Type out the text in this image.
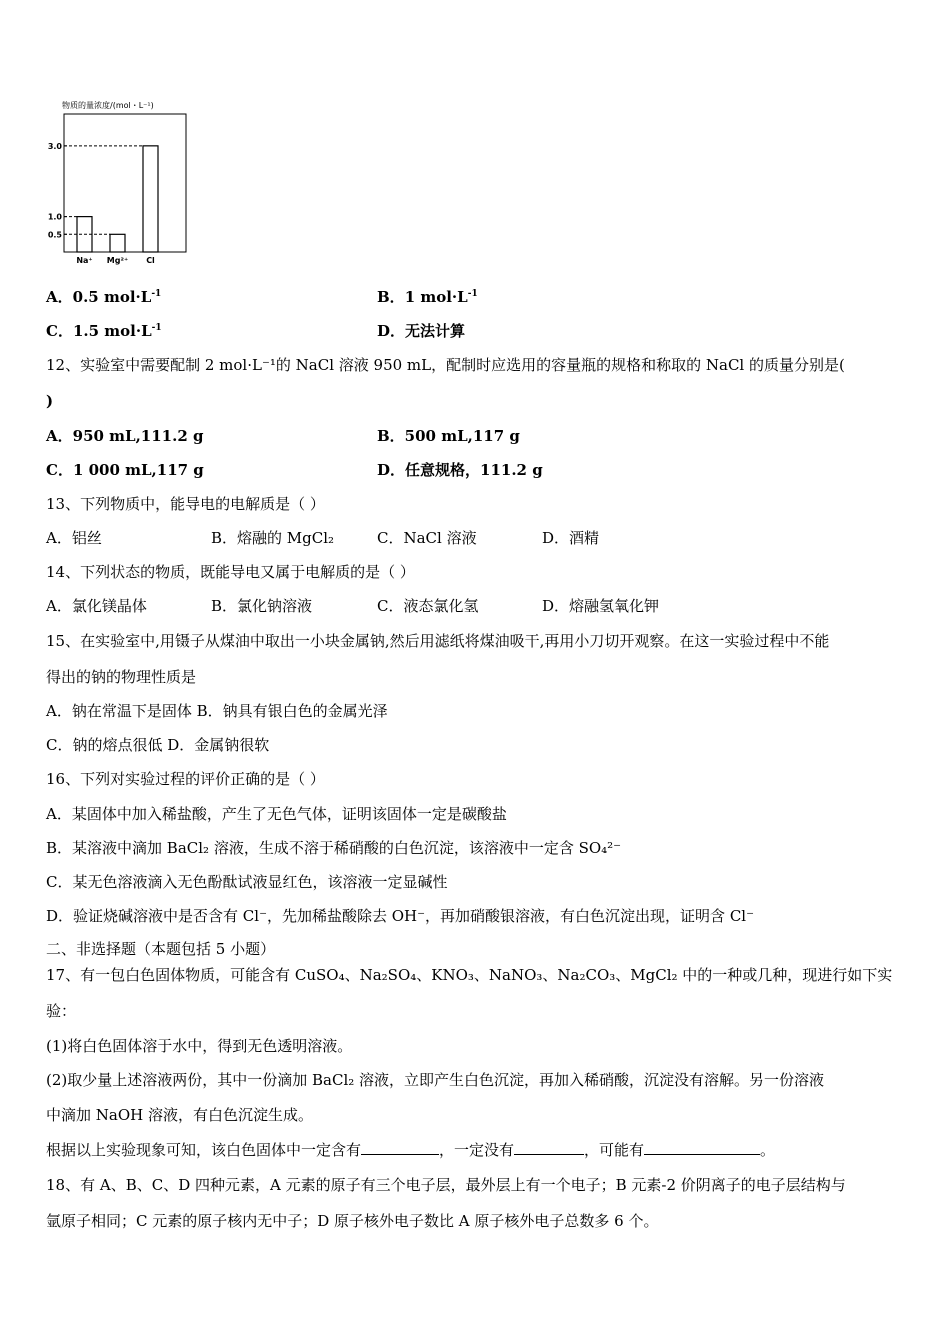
物质的量浓度/(mol・L⁻¹)
Na⁺ Mg²⁺ Cl
3.0
1.0
0.5
A．0.5 $mol\cdot L^{-1}$	B．1 $mol\cdot L^{-1}$
C．1.5 $mol\cdot L^{-1}$	D．无法计算
12、实验室中需要配制 2 mol·L⁻¹的 NaCl 溶液 950 mL，配制时应选用的容量瓶的规格和称取的 NaCl 的质量分别是(
)
A．950 mL,111.2 g	B．500 mL,117 g
C．1 000 mL,117 g	D．任意规格，111.2 g
13、下列物质中，能导电的电解质是（ ）
A．铝丝	B．熔融的 MgCl₂	C．NaCl 溶液	D．酒精
14、下列状态的物质，既能导电又属于电解质的是（ ）
A．氯化镁晶体	B．氯化钠溶液	C．液态氯化氢	D．熔融氢氧化钾
15、在实验室中,用镊子从煤油中取出一小块金属钠,然后用滤纸将煤油吸干,再用小刀切开观察。在这一实验过程中不能
得出的钠的物理性质是
A．钠在常温下是固体 B．钠具有银白色的金属光泽
C．钠的熔点很低 D．金属钠很软
16、下列对实验过程的评价正确的是（ ）
A．某固体中加入稀盐酸，产生了无色气体，证明该固体一定是碳酸盐
B．某溶液中滴加 BaCl₂ 溶液，生成不溶于稀硝酸的白色沉淀，该溶液中一定含 SO₄²⁻
C．某无色溶液滴入无色酚酞试液显红色，该溶液一定显碱性
D．验证烧碱溶液中是否含有 Cl⁻，先加稀盐酸除去 OH⁻，再加硝酸银溶液，有白色沉淀出现，证明含 Cl⁻
二、非选择题（本题包括 5 小题）
17、有一包白色固体物质，可能含有 CuSO₄、Na₂SO₄、KNO₃、NaNO₃、Na₂CO₃、MgCl₂ 中的一种或几种，现进行如下实
验：
(1)将白色固体溶于水中，得到无色透明溶液。
(2)取少量上述溶液两份，其中一份滴加 BaCl₂ 溶液，立即产生白色沉淀，再加入稀硝酸，沉淀没有溶解。另一份溶液
中滴加 NaOH 溶液，有白色沉淀生成。
根据以上实验现象可知，该白色固体中一定含有	，一定没有	，可能有	。
18、有 A、B、C、D 四种元素，A 元素的原子有三个电子层，最外层上有一个电子；B 元素-2 价阴离子的电子层结构与
氩原子相同；C 元素的原子核内无中子；D 原子核外电子数比 A 原子核外电子总数多 6 个。
